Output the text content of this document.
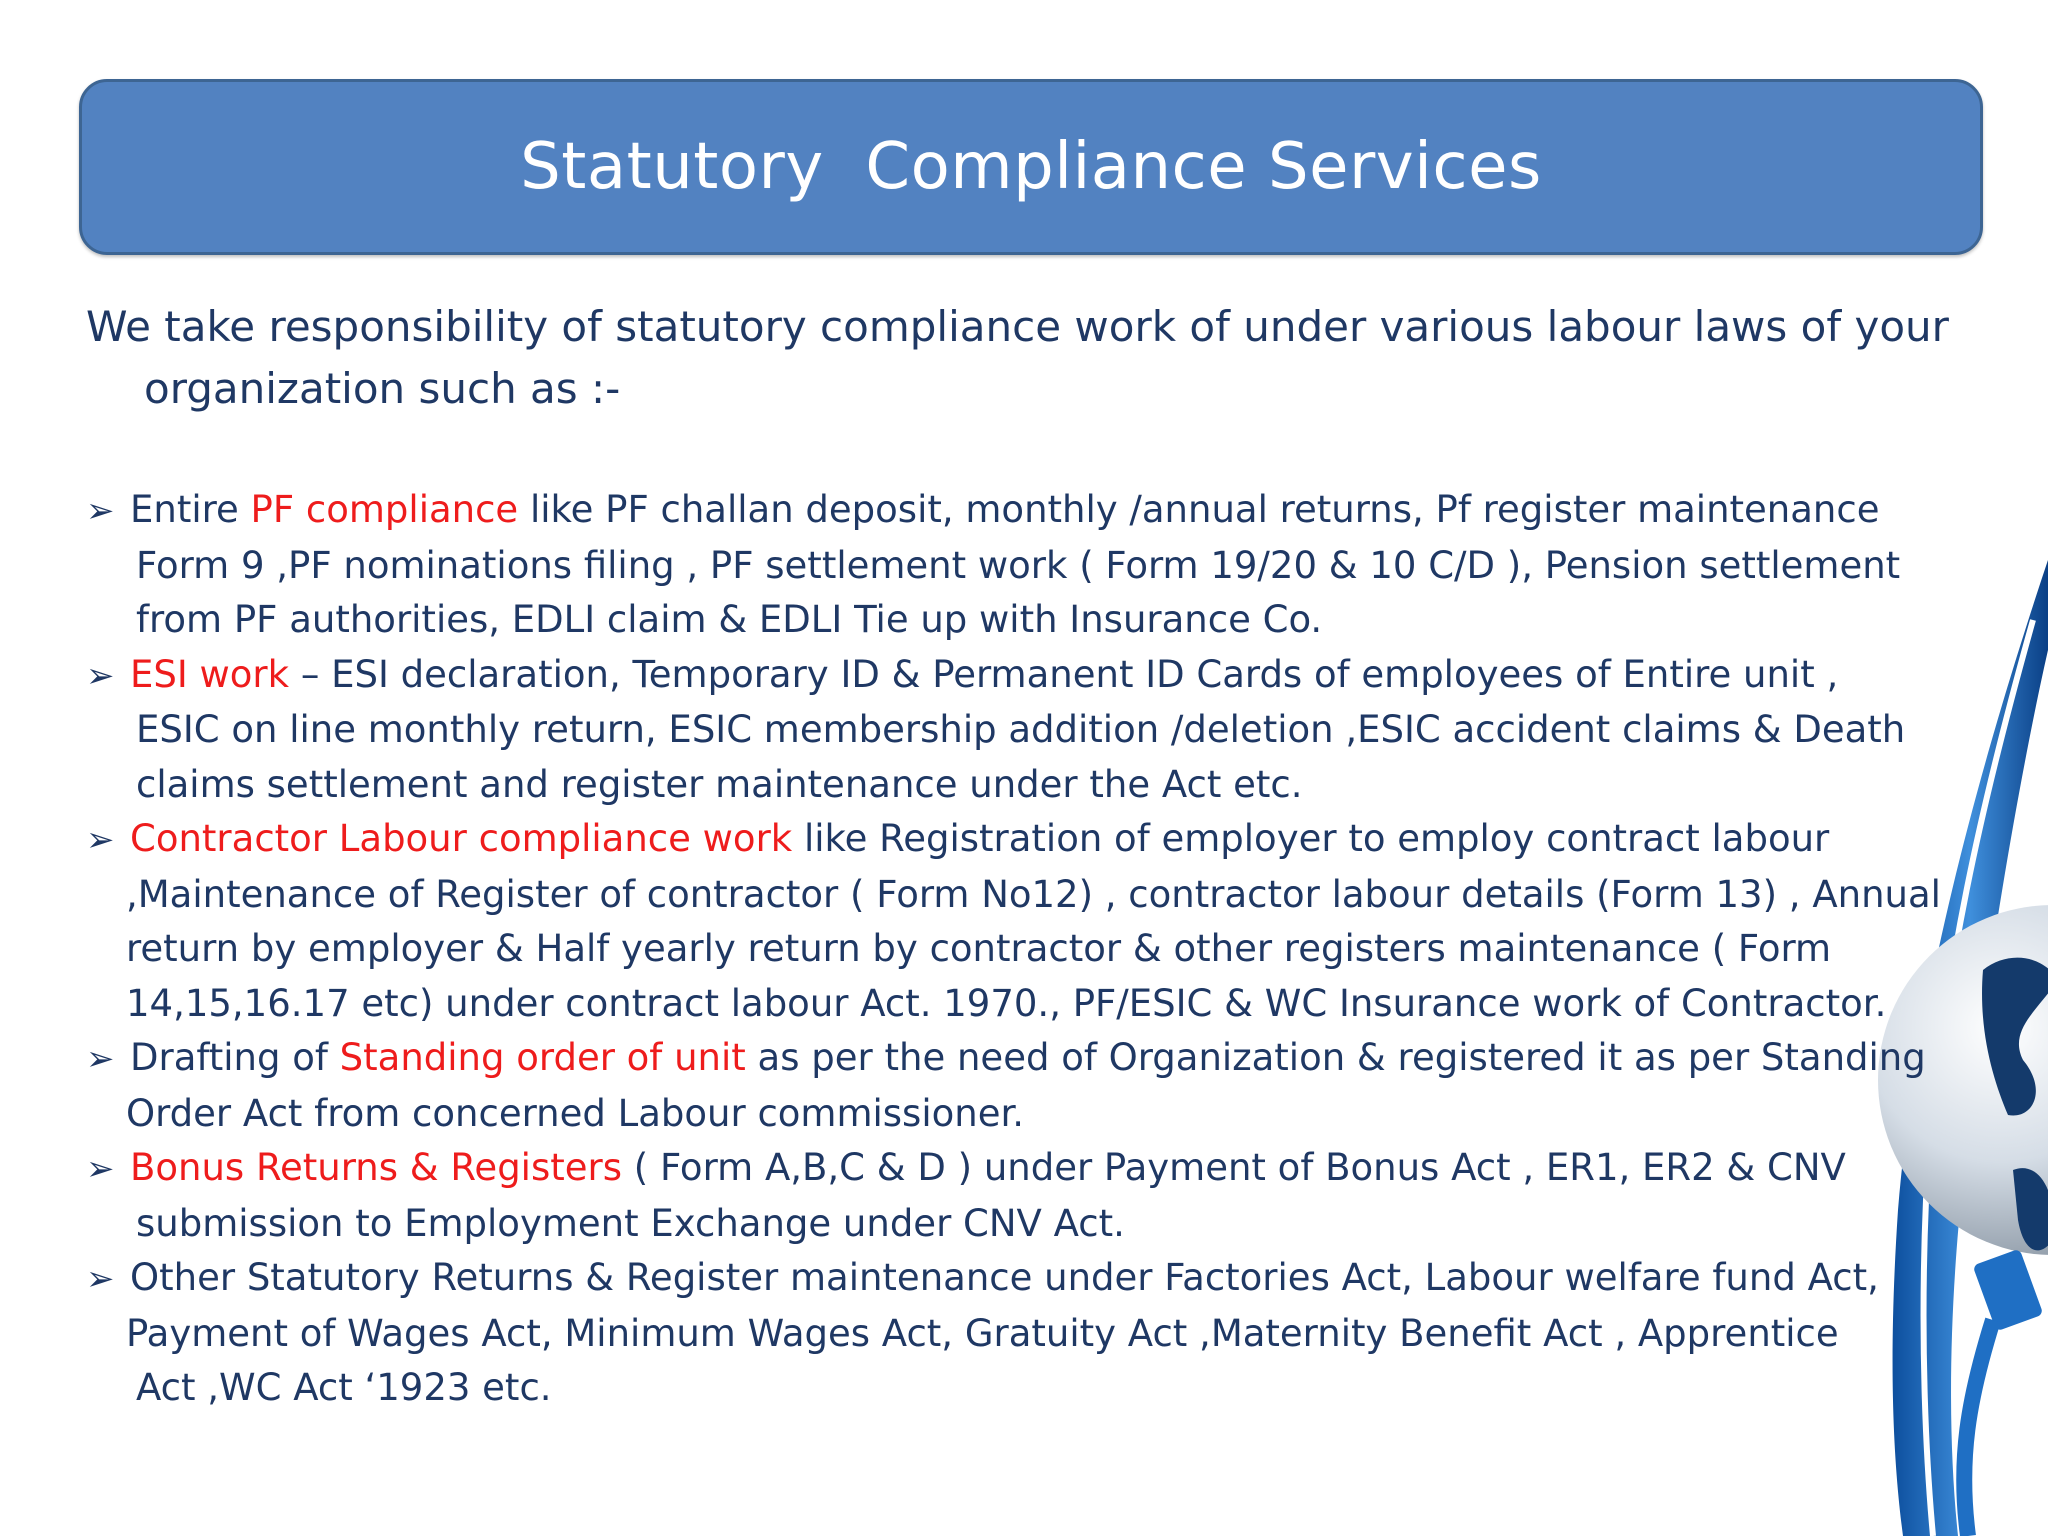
Statutory  Compliance Services
We take responsibility of statutory compliance work of under various labour laws of your
organization such as :-
➢ Entire PF compliance like PF challan deposit, monthly /annual returns, Pf register maintenance
Form 9 ,PF nominations filing , PF settlement work ( Form 19/20 & 10 C/D ), Pension settlement
from PF authorities, EDLI claim & EDLI Tie up with Insurance Co.
➢ ESI work – ESI declaration, Temporary ID & Permanent ID Cards of employees of Entire unit ,
ESIC on line monthly return, ESIC membership addition /deletion ,ESIC accident claims & Death
claims settlement and register maintenance under the Act etc.
➢ Contractor Labour compliance work like Registration of employer to employ contract labour
,Maintenance of Register of contractor ( Form No12) , contractor labour details (Form 13) , Annual
return by employer & Half yearly return by contractor & other registers maintenance ( Form
14,15,16.17 etc) under contract labour Act. 1970., PF/ESIC & WC Insurance work of Contractor.
➢ Drafting of Standing order of unit as per the need of Organization & registered it as per Standing
Order Act from concerned Labour commissioner.
➢ Bonus Returns & Registers ( Form A,B,C & D ) under Payment of Bonus Act , ER1, ER2 & CNV
submission to Employment Exchange under CNV Act.
➢ Other Statutory Returns & Register maintenance under Factories Act, Labour welfare fund Act,
Payment of Wages Act, Minimum Wages Act, Gratuity Act ,Maternity Benefit Act , Apprentice
Act ,WC Act ‘1923 etc.
